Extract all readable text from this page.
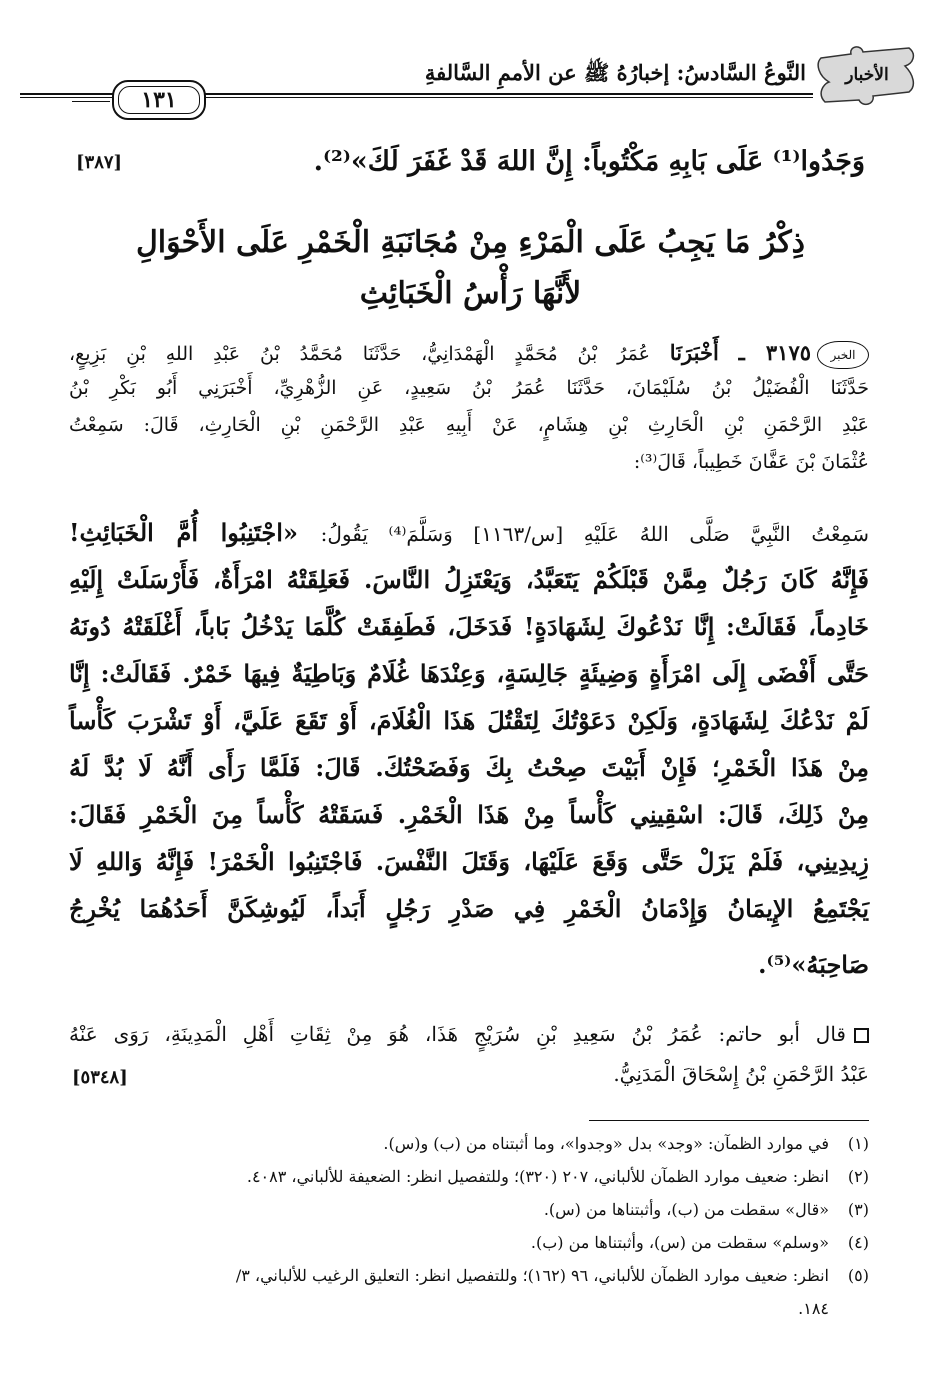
الأخبار
النَّوعُ السَّادسُ: إخبارُهُ ﷺ عن الأممِ السَّالفةِ
١٣١
وَجَدُوا⁽¹⁾ عَلَى بَابِهِ مَكْتُوباً: إِنَّ اللهَ قَدْ غَفَرَ لَكَ»⁽²⁾.
[٣٨٧]
ذِكْرُ مَا يَجِبُ عَلَى الْمَرْءِ مِنْ مُجَانَبَةِ الْخَمْرِ عَلَى الأَحْوَالِ
لأَنَّهَا رَأْسُ الْخَبَائِثِ
الخبر٣١٧٥ ـ أَخْبَرَنَا عُمَرُ بْنُ مُحَمَّدٍ الْهَمْدَانِيُّ، حَدَّثَنَا مُحَمَّدُ بْنُ عَبْدِ اللهِ بْنِ بَزِيعٍ،
حَدَّثَنَا الْفُضَيْلُ بْنُ سُلَيْمَانَ، حَدَّثَنَا عُمَرُ بْنُ سَعِيدٍ، عَنِ الزُّهْرِيِّ، أَخْبَرَنِي أَبُو بَكْرِ بْنُ
عَبْدِ الرَّحْمَنِ بْنِ الْحَارِثِ بْنِ هِشَامٍ، عَنْ أَبِيهِ عَبْدِ الرَّحْمَنِ بْنِ الْحَارِثِ، قَالَ: سَمِعْتُ
عُثْمَانَ بْنَ عَفَّانَ خَطِيباً، قَالَ⁽³⁾:
سَمِعْتُ النَّبِيَّ صَلَّى اللهُ عَلَيْهِ [س/١١٦٣] وَسَلَّمَ⁽⁴⁾ يَقُولُ: «اجْتَنِبُوا أُمَّ الْخَبَائِثِ!
فَإِنَّهُ كَانَ رَجُلٌ مِمَّنْ قَبْلَكُمْ يَتَعَبَّدُ، وَيَعْتَزِلُ النَّاسَ. فَعَلِقَتْهُ امْرَأَةٌ، فَأَرْسَلَتْ إِلَيْهِ
خَادِماً، فَقَالَتْ: إِنَّا نَدْعُوكَ لِشَهَادَةٍ! فَدَخَلَ، فَطَفِقَتْ كُلَّمَا يَدْخُلُ بَاباً، أَغْلَقَتْهُ دُونَهُ
حَتَّى أَفْضَى إِلَى امْرَأَةٍ وَضِيئَةٍ جَالِسَةٍ، وَعِنْدَهَا غُلَامٌ وَبَاطِيَةٌ فِيهَا خَمْرٌ. فَقَالَتْ: إِنَّا
لَمْ نَدْعُكَ لِشَهَادَةٍ، وَلَكِنْ دَعَوْتُكَ لِتَقْتُلَ هَذَا الْغُلَامَ، أَوْ تَقَعَ عَلَيَّ، أَوْ تَشْرَبَ كَأْساً
مِنْ هَذَا الْخَمْرِ؛ فَإِنْ أَبَيْتَ صِحْتُ بِكَ وَفَضَحْتُكَ. قَالَ: فَلَمَّا رَأَى أَنَّهُ لَا بُدَّ لَهُ
مِنْ ذَلِكَ، قَالَ: اسْقِينِي كَأْساً مِنْ هَذَا الْخَمْرِ. فَسَقَتْهُ كَأْساً مِنَ الْخَمْرِ فَقَالَ:
زِيدِينِي، فَلَمْ يَزَلْ حَتَّى وَقَعَ عَلَيْهَا، وَقَتَلَ النَّفْسَ. فَاجْتَنِبُوا الْخَمْرَ! فَإِنَّهُ وَاللهِ لَا
يَجْتَمِعُ الإِيمَانُ وَإِدْمَانُ الْخَمْرِ فِي صَدْرِ رَجُلٍ أَبَداً، لَيُوشِكَنَّ أَحَدُهُمَا يُخْرِجُ
صَاحِبَهُ»⁽⁵⁾.
قال أبو حاتم: عُمَرُ بْنُ سَعِيدِ بْنِ سُرَيْجٍ هَذَا، هُوَ مِنْ ثِقَاتِ أَهْلِ الْمَدِينَةِ، رَوَى عَنْهُ
عَبْدُ الرَّحْمَنِ بْنُ إِسْحَاقَ الْمَدَنِيُّ.
[٥٣٤٨]
(١)في موارد الظمآن: «وجد» بدل «وجدوا»، وما أثبتناه من (ب) و(س).
(٢)انظر: ضعيف موارد الظمآن للألباني، ٢٠٧ (٣٢٠)؛ وللتفصيل انظر: الضعيفة للألباني، ٤٠٨٣.
(٣)«قال» سقطت من (ب)، وأثبتناها من (س).
(٤)«وسلم» سقطت من (س)، وأثبتناها من (ب).
(٥)انظر: ضعيف موارد الظمآن للألباني، ٩٦ (١٦٢)؛ وللتفصيل انظر: التعليق الرغيب للألباني، ٣/
١٨٤.
